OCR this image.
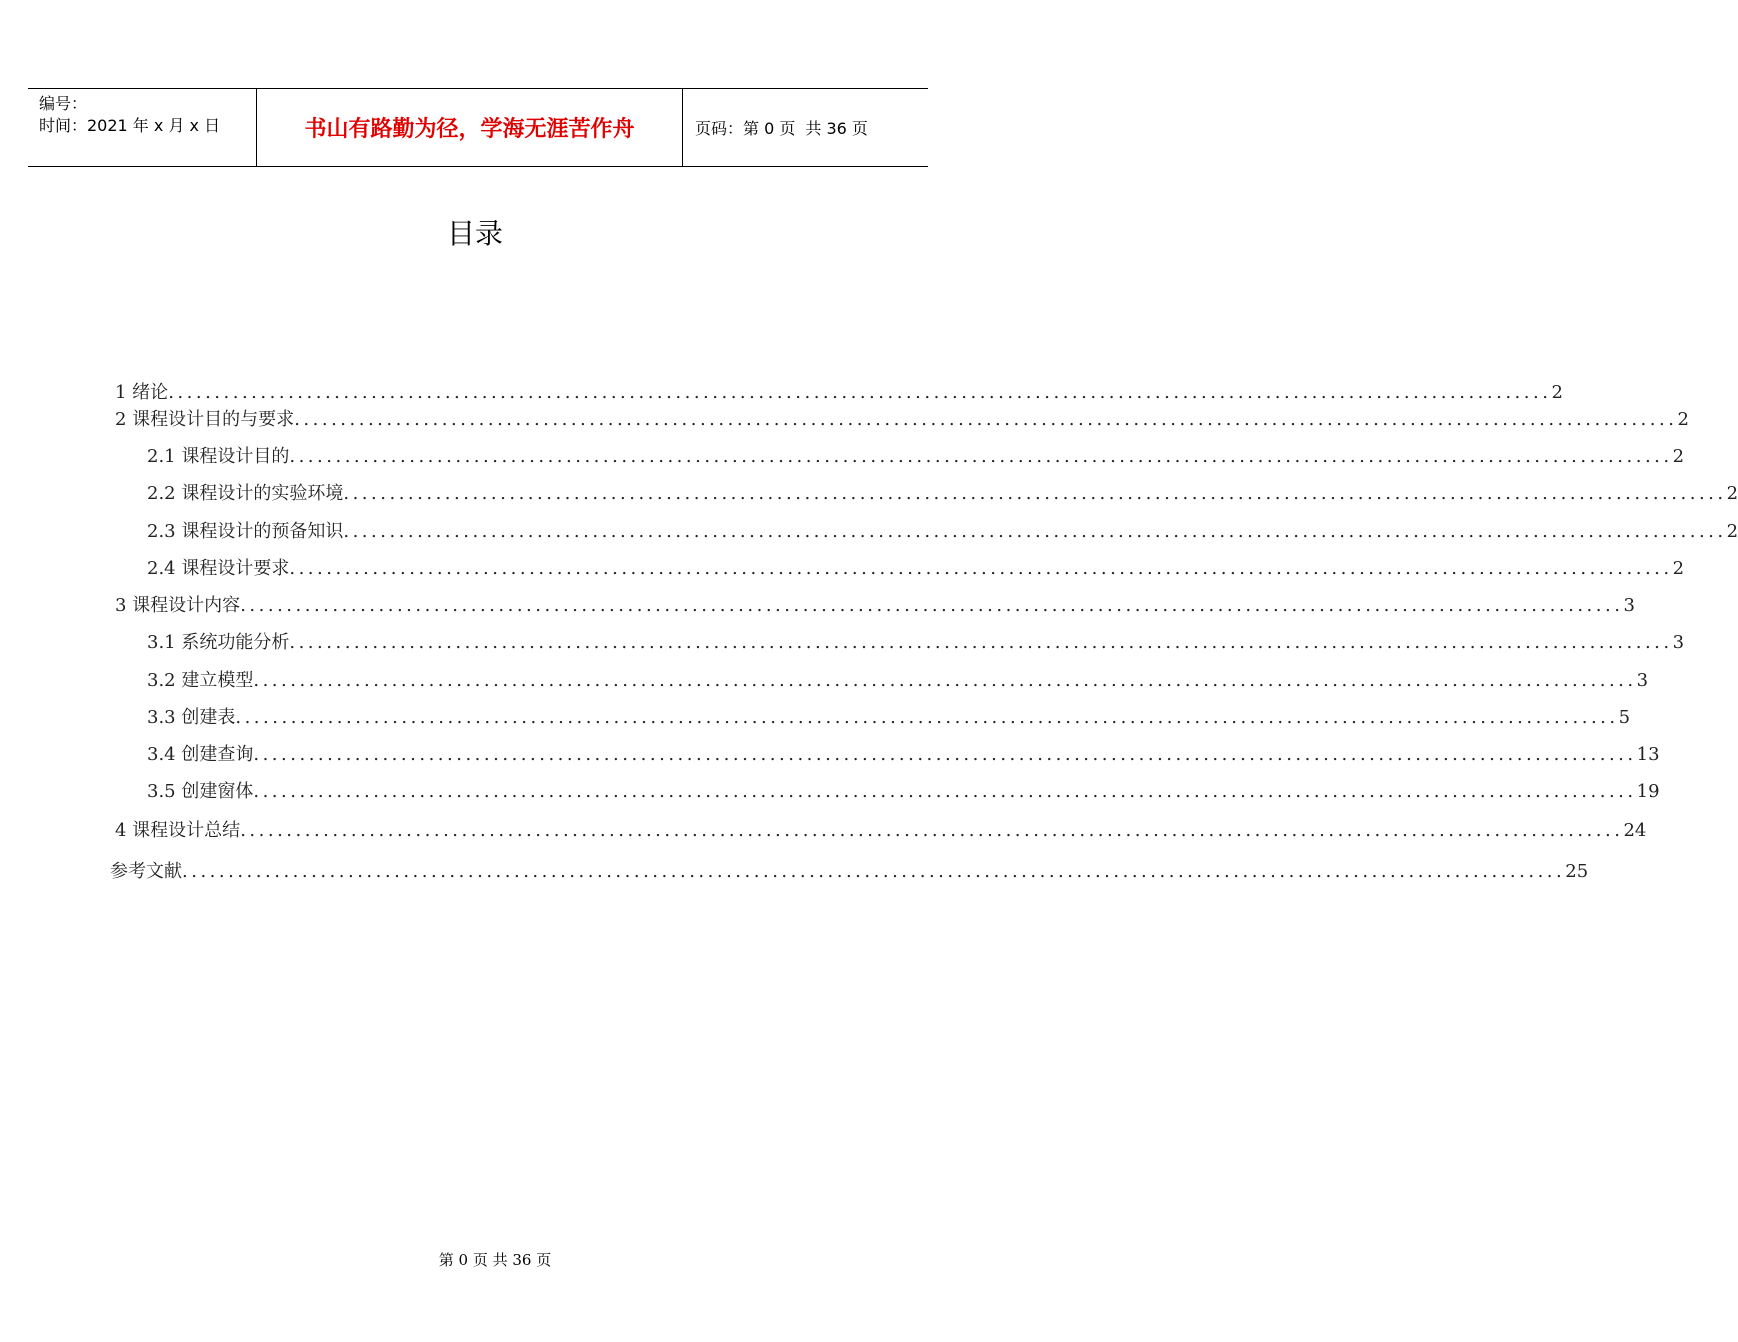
编号：
时间：2021 年 x 月 x 日	书山有路勤为径，学海无涯苦作舟	页码：第 0 页 共 36 页
目录
1 绪论 ...................................................................................................................................................... 2
2 课程设计目的与要求 ...................................................................................................................................................... 2
2.1 课程设计目的 ...................................................................................................................................................... 2
2.2 课程设计的实验环境 ...................................................................................................................................................... 2
2.3 课程设计的预备知识 ...................................................................................................................................................... 2
2.4 课程设计要求 ...................................................................................................................................................... 2
3 课程设计内容 ...................................................................................................................................................... 3
3.1 系统功能分析 ...................................................................................................................................................... 3
3.2 建立模型 ...................................................................................................................................................... 3
3.3 创建表 ...................................................................................................................................................... 5
3.4 创建查询 ...................................................................................................................................................... 13
3.5 创建窗体 ...................................................................................................................................................... 19
4 课程设计总结 ...................................................................................................................................................... 24
参考文献 ...................................................................................................................................................... 25
第 0 页 共 36 页
